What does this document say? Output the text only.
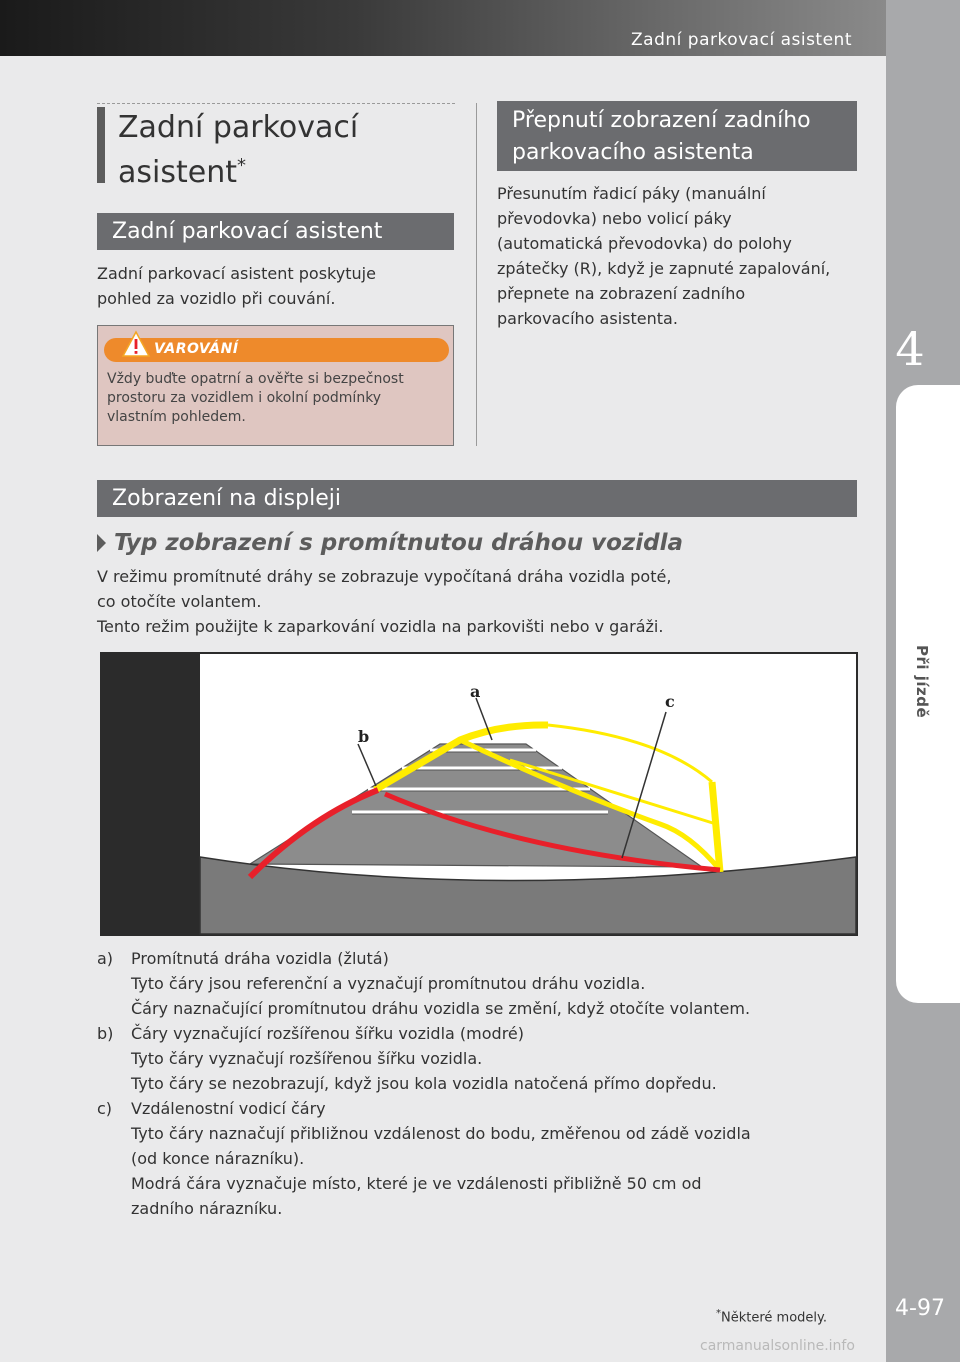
Zadní parkovací asistent
4
Při jízdě
4-97
Zadní parkovací
asistent*
Zadní parkovací asistent
Zadní parkovací asistent poskytuje
pohled za vozidlo při couvání.
VAROVÁNÍ
Vždy buďte opatrní a ověřte si bezpečnost
prostoru za vozidlem i okolní podmínky
vlastním pohledem.
Přepnutí zobrazení zadního
parkovacího asistenta
Přesunutím řadicí páky (manuální
převodovka) nebo volicí páky
(automatická převodovka) do polohy
zpátečky (R), když je zapnuté zapalování,
přepnete na zobrazení zadního
parkovacího asistenta.
Zobrazení na displeji
Typ zobrazení s promítnutou dráhou vozidla
V režimu promítnuté dráhy se zobrazuje vypočítaná dráha vozidla poté,
co otočíte volantem.
Tento režim použijte k zaparkování vozidla na parkovišti nebo v garáži.
a
b
c
a) Promítnutá dráha vozidla (žlutá)
Tyto čáry jsou referenční a vyznačují promítnutou dráhu vozidla.
Čáry naznačující promítnutou dráhu vozidla se změní, když otočíte volantem.
b) Čáry vyznačující rozšířenou šířku vozidla (modré)
Tyto čáry vyznačují rozšířenou šířku vozidla.
Tyto čáry se nezobrazují, když jsou kola vozidla natočená přímo dopředu.
c) Vzdálenostní vodicí čáry
Tyto čáry naznačují přibližnou vzdálenost do bodu, změřenou od zádě vozidla
(od konce nárazníku).
Modrá čára vyznačuje místo, které je ve vzdálenosti přibližně 50 cm od
zadního nárazníku.
*Některé modely.
carmanualsonline.info
